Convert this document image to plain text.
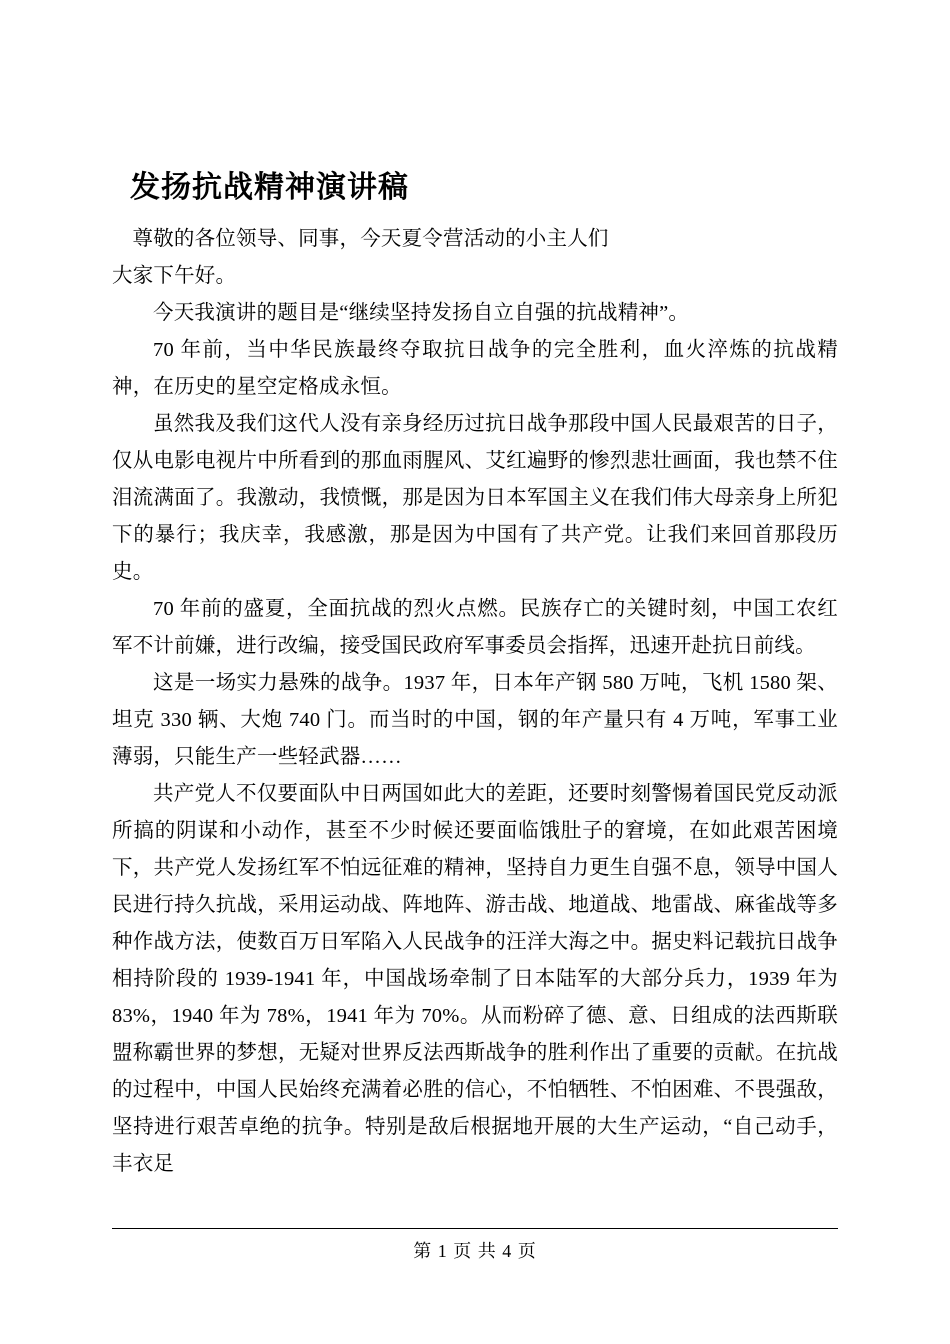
发扬抗战精神演讲稿

尊敬的各位领导、同事，今天夏令营活动的小主人们

大家下午好。

今天我演讲的题目是“继续坚持发扬自立自强的抗战精神”。

70 年前，当中华民族最终夺取抗日战争的完全胜利，血火淬炼的抗战精神，在历史的星空定格成永恒。

虽然我及我们这代人没有亲身经历过抗日战争那段中国人民最艰苦的日子，仅从电影电视片中所看到的那血雨腥风、艾红遍野的惨烈悲壮画面，我也禁不住泪流满面了。我激动，我愤慨，那是因为日本军国主义在我们伟大母亲身上所犯下的暴行；我庆幸，我感激，那是因为中国有了共产党。让我们来回首那段历史。

70 年前的盛夏，全面抗战的烈火点燃。民族存亡的关键时刻，中国工农红军不计前嫌，进行改编，接受国民政府军事委员会指挥，迅速开赴抗日前线。

这是一场实力悬殊的战争。1937 年，日本年产钢 580 万吨，飞机 1580 架、坦克 330 辆、大炮 740 门。而当时的中国，钢的年产量只有 4 万吨，军事工业薄弱，只能生产一些轻武器……

共产党人不仅要面队中日两国如此大的差距，还要时刻警惕着国民党反动派所搞的阴谋和小动作，甚至不少时候还要面临饿肚子的窘境，在如此艰苦困境下，共产党人发扬红军不怕远征难的精神，坚持自力更生自强不息，领导中国人民进行持久抗战，采用运动战、阵地阵、游击战、地道战、地雷战、麻雀战等多种作战方法，使数百万日军陷入人民战争的汪洋大海之中。据史料记载抗日战争相持阶段的 1939-1941 年，中国战场牵制了日本陆军的大部分兵力，1939 年为 83%，1940 年为 78%，1941 年为 70%。从而粉碎了德、意、日组成的法西斯联盟称霸世界的梦想，无疑对世界反法西斯战争的胜利作出了重要的贡献。在抗战的过程中，中国人民始终充满着必胜的信心，不怕牺牲、不怕困难、不畏强敌，坚持进行艰苦卓绝的抗争。特别是敌后根据地开展的大生产运动，“自己动手，丰衣足

第 1 页 共 4 页
